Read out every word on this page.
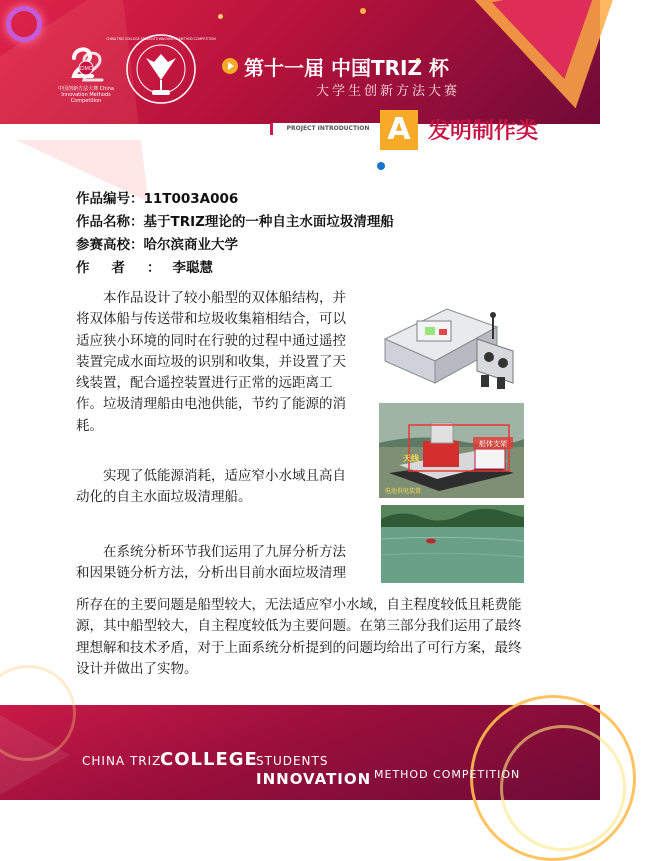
CIMC
中国创新方法大赛 China Innovation Methods Competition
CHINA TRIZ COLLEGE STUDENTS INNOVATION METHOD COMPETITION
第十一届 中国TRIZ 杯
大学生创新方法大赛
PROJECT INTRODUCTION A 发明制作类
作品编号：11T003A006
作品名称：基于TRIZ理论的一种自主水面垃圾清理船
参赛高校：哈尔滨商业大学
作者：李聪慧
本作品设计了较小船型的双体船结构，并将双体船与传送带和垃圾收集箱相结合，可以适应狭小环境的同时在行驶的过程中通过遥控装置完成水面垃圾的识别和收集，并设置了天线装置，配合遥控装置进行正常的远距离工作。垃圾清理船由电池供能，节约了能源的消耗。
实现了低能源消耗，适应窄小水域且高自动化的自主水面垃圾清理船。
在系统分析环节我们运用了九屏分析方法和因果链分析方法，分析出目前水面垃圾清理
所存在的主要问题是船型较大，无法适应窄小水域，自主程度较低且耗费能源，其中船型较大，自主程度较低为主要问题。在第三部分我们运用了最终理想解和技术矛盾，对于上面系统分析提到的问题均给出了可行方案，最终设计并做出了实物。
船体支架
天线
电池供电装置
CHINA TRIZ
COLLEGE
STUDENTS
INNOVATION METHOD COMPETITION
